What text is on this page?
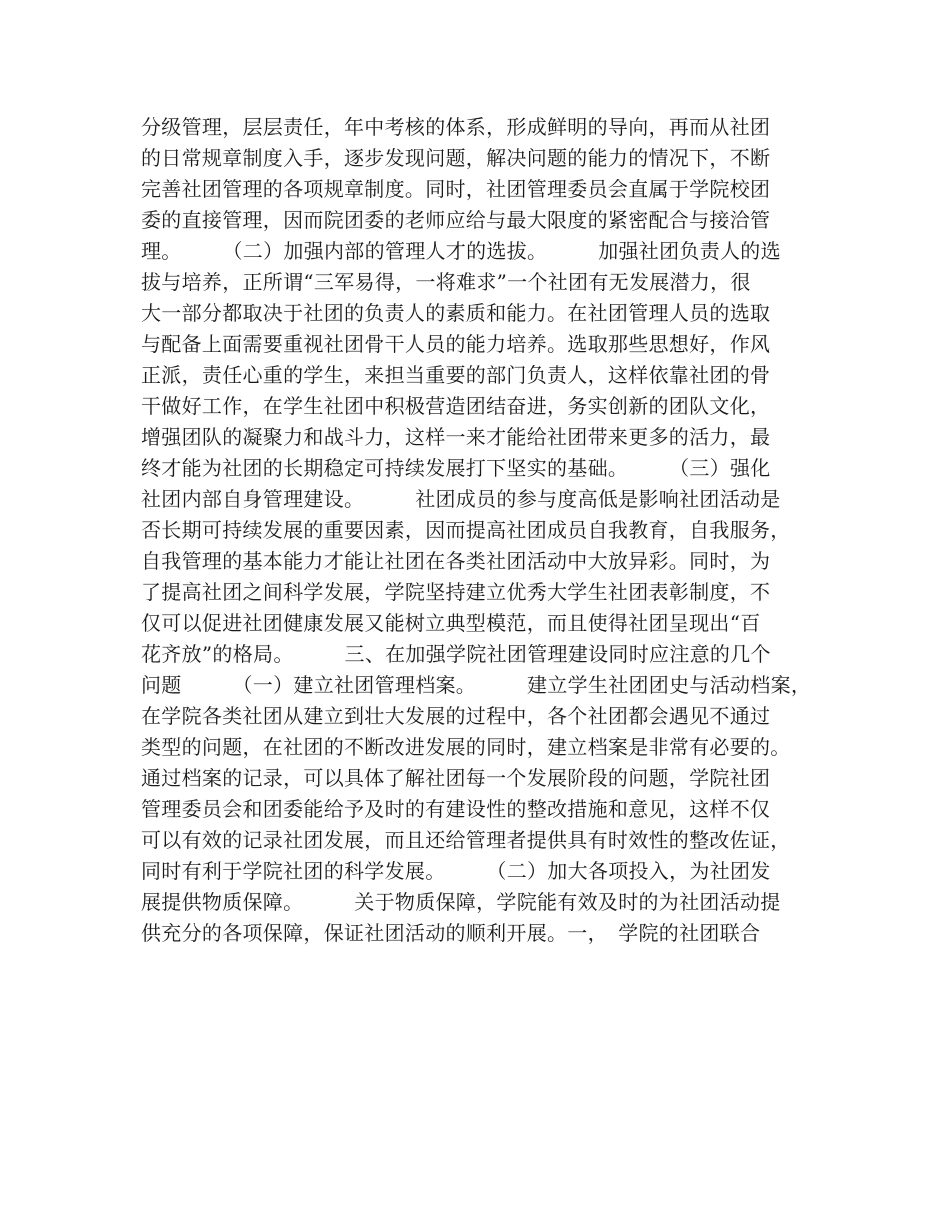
分级管理，层层责任，年中考核的体系，形成鲜明的导向，再而从社团
的日常规章制度入手，逐步发现问题，解决问题的能力的情况下，不断
完善社团管理的各项规章制度。同时，社团管理委员会直属于学院校团
委的直接管理，因而院团委的老师应给与最大限度的紧密配合与接洽管
理。　　　（二）加强内部的管理人才的选拔。　　　加强社团负责人的选
拔与培养，正所谓“三军易得，一将难求”一个社团有无发展潜力，很
大一部分都取决于社团的负责人的素质和能力。在社团管理人员的选取
与配备上面需要重视社团骨干人员的能力培养。选取那些思想好，作风
正派，责任心重的学生，来担当重要的部门负责人，这样依靠社团的骨
干做好工作，在学生社团中积极营造团结奋进，务实创新的团队文化，
增强团队的凝聚力和战斗力，这样一来才能给社团带来更多的活力，最
终才能为社团的长期稳定可持续发展打下坚实的基础。　　　（三）强化
社团内部自身管理建设。　　　社团成员的参与度高低是影响社团活动是
否长期可持续发展的重要因素，因而提高社团成员自我教育，自我服务，
自我管理的基本能力才能让社团在各类社团活动中大放异彩。同时，为
了提高社团之间科学发展，学院坚持建立优秀大学生社团表彰制度，不
仅可以促进社团健康发展又能树立典型模范，而且使得社团呈现出“百
花齐放”的格局。　　　三、在加强学院社团管理建设同时应注意的几个
问题　　　（一）建立社团管理档案。　　　建立学生社团团史与活动档案，
在学院各类社团从建立到壮大发展的过程中，各个社团都会遇见不通过
类型的问题，在社团的不断改进发展的同时，建立档案是非常有必要的。
通过档案的记录，可以具体了解社团每一个发展阶段的问题，学院社团
管理委员会和团委能给予及时的有建设性的整改措施和意见，这样不仅
可以有效的记录社团发展，而且还给管理者提供具有时效性的整改佐证，
同时有利于学院社团的科学发展。　　　（二）加大各项投入，为社团发
展提供物质保障。　　　关于物质保障，学院能有效及时的为社团活动提
供充分的各项保障，保证社团活动的顺利开展。一，　学院的社团联合
